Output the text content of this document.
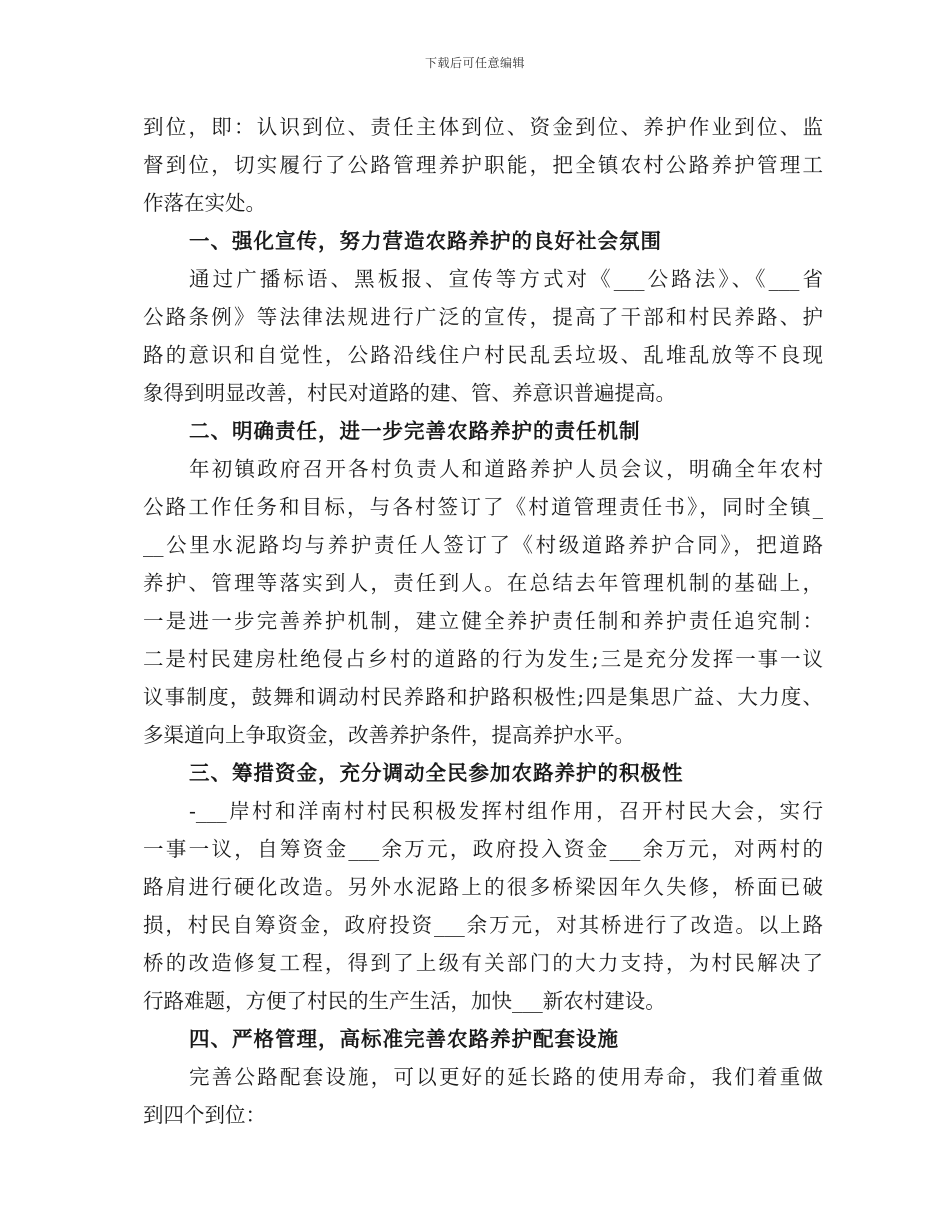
下载后可任意编辑
到位，即：认识到位、责任主体到位、资金到位、养护作业到位、监
督到位，切实履行了公路管理养护职能，把全镇农村公路养护管理工
作落在实处。
一、强化宣传，努力营造农路养护的良好社会氛围
通过广播标语、黑板报、宣传等方式对《___公路法》、《___省
公路条例》等法律法规进行广泛的宣传，提高了干部和村民养路、护
路的意识和自觉性，公路沿线住户村民乱丢垃圾、乱堆乱放等不良现
象得到明显改善，村民对道路的建、管、养意识普遍提高。
二、明确责任，进一步完善农路养护的责任机制
年初镇政府召开各村负责人和道路养护人员会议，明确全年农村
公路工作任务和目标，与各村签订了《村道管理责任书》，同时全镇_
__公里水泥路均与养护责任人签订了《村级道路养护合同》，把道路
养护、管理等落实到人，责任到人。在总结去年管理机制的基础上，
一是进一步完善养护机制，建立健全养护责任制和养护责任追究制：
二是村民建房杜绝侵占乡村的道路的行为发生;三是充分发挥一事一议
议事制度，鼓舞和调动村民养路和护路积极性;四是集思广益、大力度、
多渠道向上争取资金，改善养护条件，提高养护水平。
三、筹措资金，充分调动全民参加农路养护的积极性
-___岸村和洋南村村民积极发挥村组作用，召开村民大会，实行
一事一议，自筹资金___余万元，政府投入资金___余万元，对两村的
路肩进行硬化改造。另外水泥路上的很多桥梁因年久失修，桥面已破
损，村民自筹资金，政府投资___余万元，对其桥进行了改造。以上路
桥的改造修复工程，得到了上级有关部门的大力支持，为村民解决了
行路难题，方便了村民的生产生活，加快___新农村建设。
四、严格管理，高标准完善农路养护配套设施
完善公路配套设施，可以更好的延长路的使用寿命，我们着重做
到四个到位：
